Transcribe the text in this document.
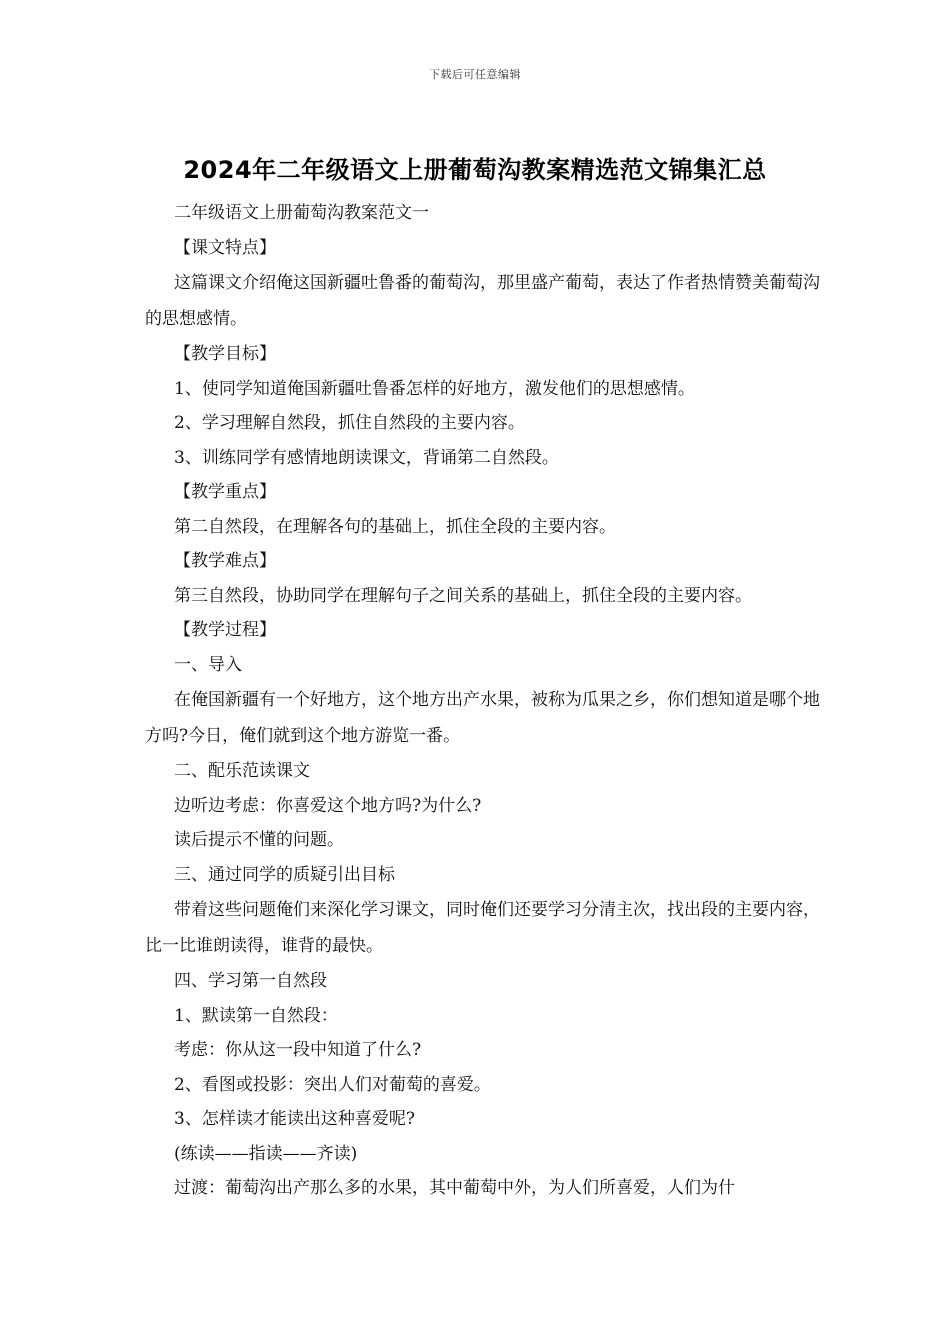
下载后可任意编辑
2024年二年级语文上册葡萄沟教案精选范文锦集汇总

二年级语文上册葡萄沟教案范文一

【课文特点】

这篇课文介绍俺这国新疆吐鲁番的葡萄沟，那里盛产葡萄，表达了作者热情赞美葡萄沟的思想感情。

【教学目标】

1、使同学知道俺国新疆吐鲁番怎样的好地方，激发他们的思想感情。

2、学习理解自然段，抓住自然段的主要内容。

3、训练同学有感情地朗读课文，背诵第二自然段。

【教学重点】

第二自然段，在理解各句的基础上，抓住全段的主要内容。

【教学难点】

第三自然段，协助同学在理解句子之间关系的基础上，抓住全段的主要内容。

【教学过程】

一、导入

在俺国新疆有一个好地方，这个地方出产水果，被称为瓜果之乡，你们想知道是哪个地方吗?今日，俺们就到这个地方游览一番。

二、配乐范读课文

边听边考虑：你喜爱这个地方吗?为什么?

读后提示不懂的问题。

三、通过同学的质疑引出目标

带着这些问题俺们来深化学习课文，同时俺们还要学习分清主次，找出段的主要内容，比一比谁朗读得，谁背的最快。

四、学习第一自然段

1、默读第一自然段：

考虑：你从这一段中知道了什么?

2、看图或投影：突出人们对葡萄的喜爱。

3、怎样读才能读出这种喜爱呢?

(练读——指读——齐读)

过渡：葡萄沟出产那么多的水果，其中葡萄中外，为人们所喜爱，人们为什
